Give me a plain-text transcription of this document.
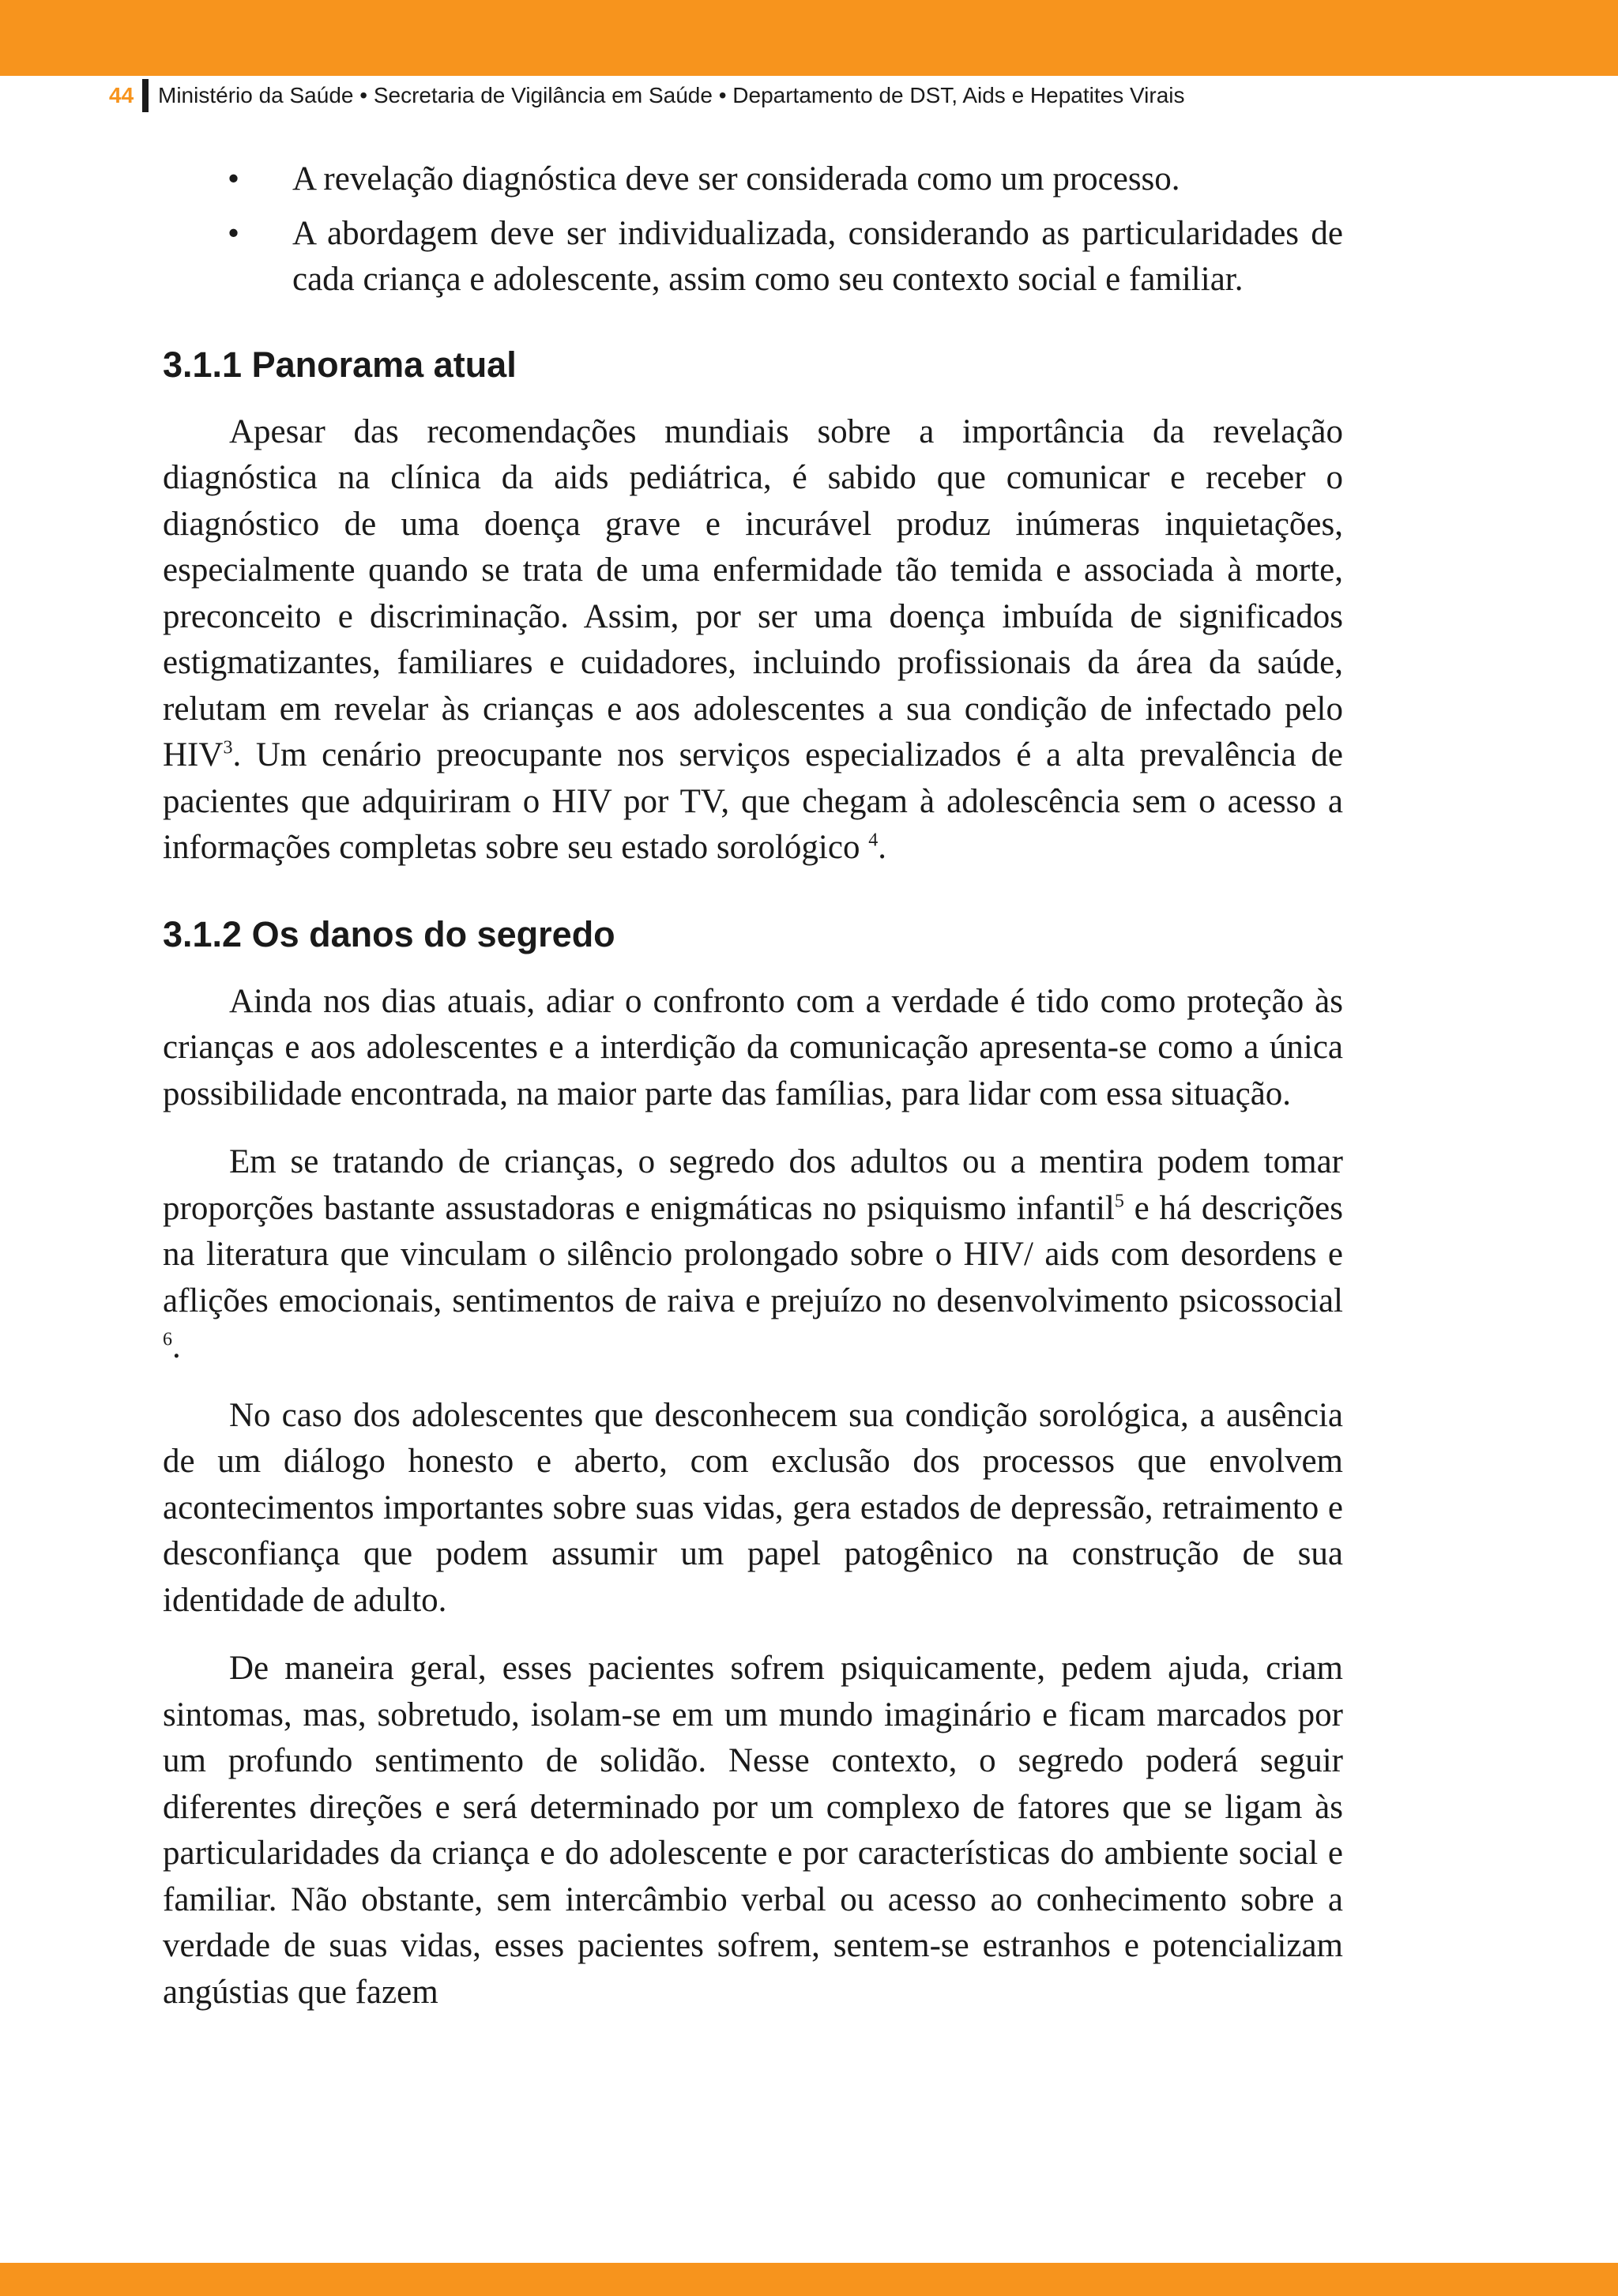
44	Ministério da Saúde • Secretaria de Vigilância em Saúde • Departamento de DST, Aids e Hepatites Virais
• A revelação diagnóstica deve ser considerada como um processo.
• A abordagem deve ser individualizada, considerando as particularidades de cada criança e adolescente, assim como seu contexto social e familiar.
3.1.1 Panorama atual

Apesar das recomendações mundiais sobre a importância da revelação diagnóstica na clínica da aids pediátrica, é sabido que comunicar e receber o diagnóstico de uma doença grave e incurável produz inúmeras inquietações, especialmente quando se trata de uma enfermidade tão temida e associada à morte, preconceito e discriminação. Assim, por ser uma doença imbuída de significados estigmatizantes, familiares e cuidadores, incluindo profissionais da área da saúde, relutam em revelar às crianças e aos adolescentes a sua condição de infectado pelo HIV$^3$. Um cenário preocupante nos serviços especializados é a alta prevalência de pacientes que adquiriram o HIV por TV, que chegam à adolescência sem o acesso a informações completas sobre seu estado sorológico $^4$.

3.1.2 Os danos do segredo

Ainda nos dias atuais, adiar o confronto com a verdade é tido como proteção às crianças e aos adolescentes e a interdição da comunicação apresenta-se como a única possibilidade encontrada, na maior parte das famílias, para lidar com essa situação.

Em se tratando de crianças, o segredo dos adultos ou a mentira podem tomar proporções bastante assustadoras e enigmáticas no psiquismo infantil$^5$ e há descrições na literatura que vinculam o silêncio prolongado sobre o HIV/ aids com desordens e aflições emocionais, sentimentos de raiva e prejuízo no desenvolvimento psicossocial $^6$.

No caso dos adolescentes que desconhecem sua condição sorológica, a ausência de um diálogo honesto e aberto, com exclusão dos processos que envolvem acontecimentos importantes sobre suas vidas, gera estados de depressão, retraimento e desconfiança que podem assumir um papel patogênico na construção de sua identidade de adulto.

De maneira geral, esses pacientes sofrem psiquicamente, pedem ajuda, criam sintomas, mas, sobretudo, isolam-se em um mundo imaginário e ficam marcados por um profundo sentimento de solidão. Nesse contexto, o segredo poderá seguir diferentes direções e será determinado por um complexo de fatores que se ligam às particularidades da criança e do adolescente e por características do ambiente social e familiar. Não obstante, sem intercâmbio verbal ou acesso ao conhecimento sobre a verdade de suas vidas, esses pacientes sofrem, sentem-se estranhos e potencializam angústias que fazem
